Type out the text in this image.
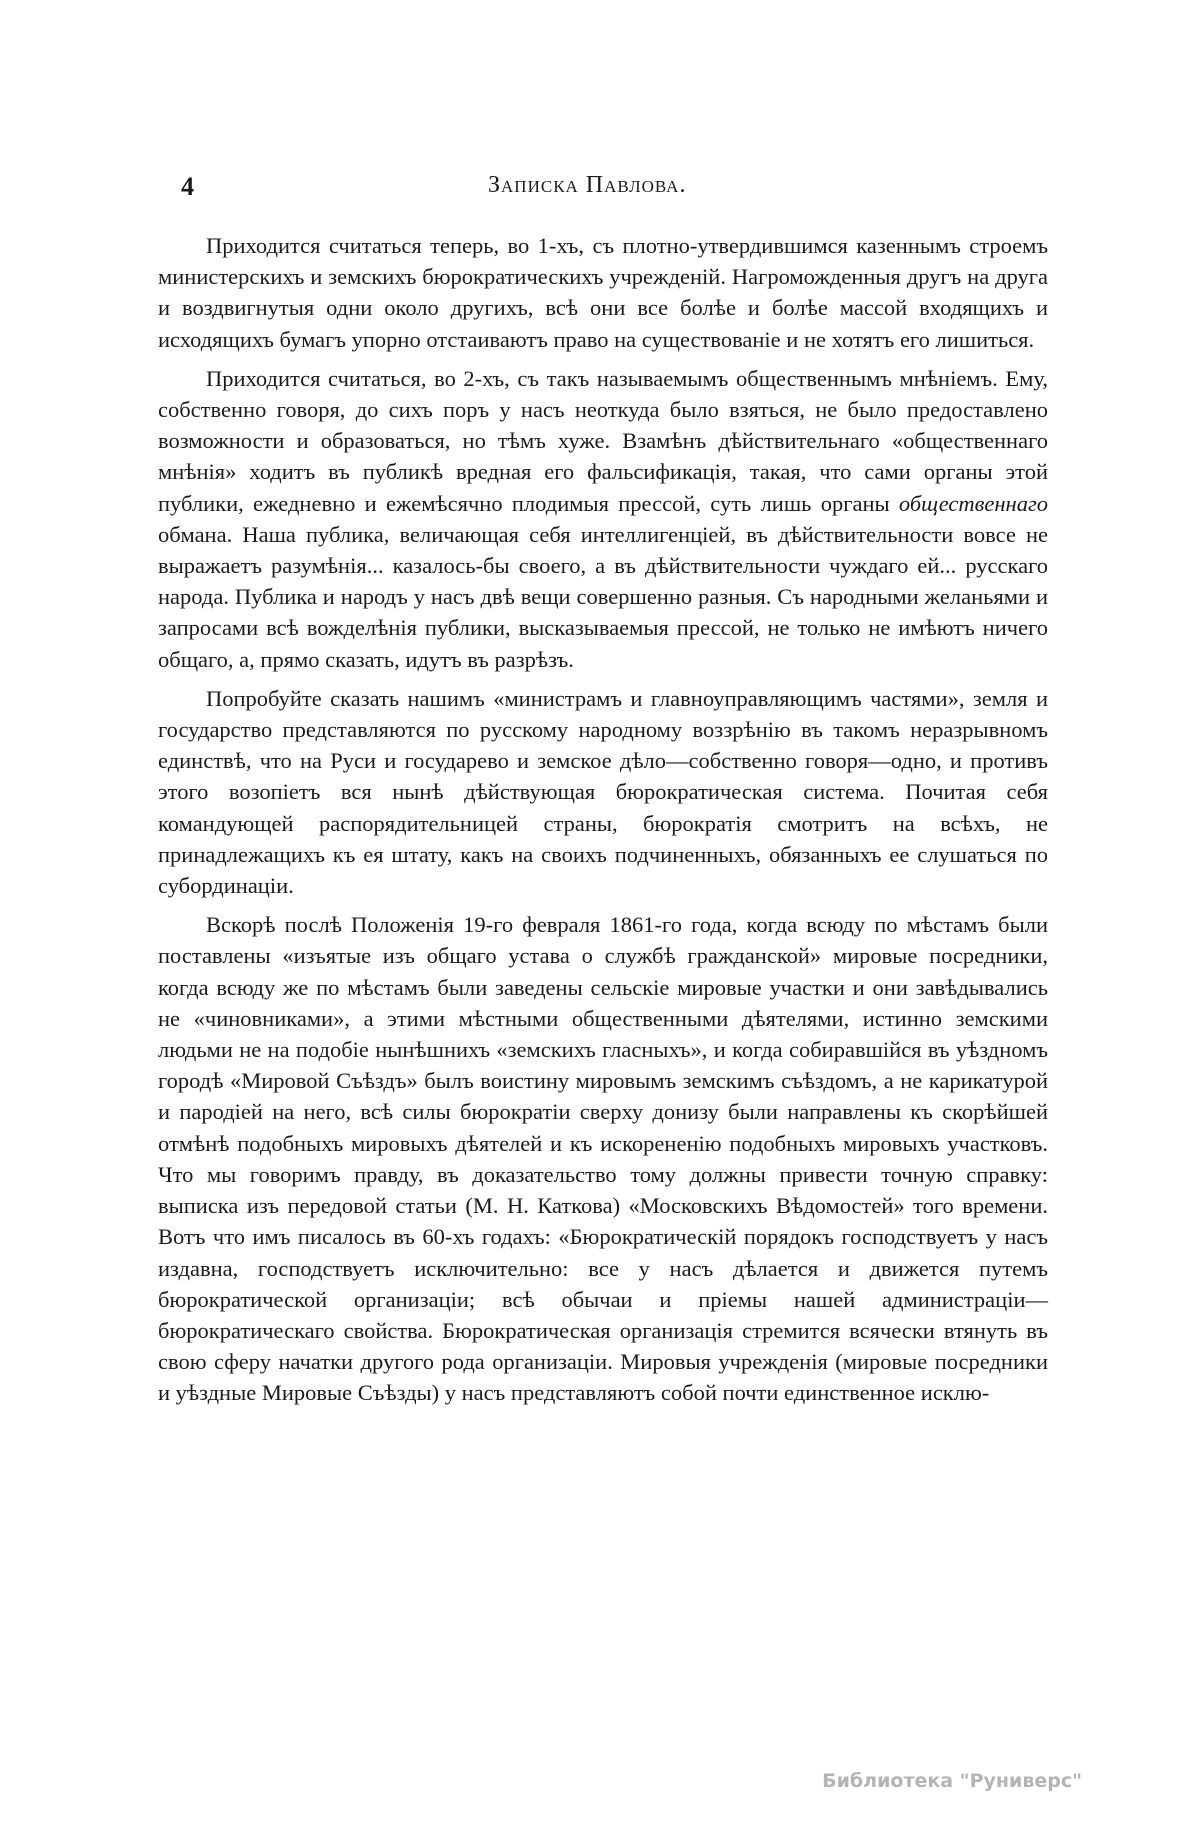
4	Записка Павлова.

Приходится считаться теперь, во 1-хъ, съ плотно-утвердившимся казеннымъ строемъ министерскихъ и земскихъ бюрократическихъ учрежденій. Нагроможденныя другъ на друга и воздвигнутыя одни около другихъ, всѣ они все болѣе и болѣе массой входящихъ и исходящихъ бумагъ упорно отстаиваютъ право на существованіе и не хотятъ его лишиться.

Приходится считаться, во 2-хъ, съ такъ называемымъ общественнымъ мнѣніемъ. Ему, собственно говоря, до сихъ поръ у насъ неоткуда было взяться, не было предоставлено возможности и образоваться, но тѣмъ хуже. Взамѣнъ дѣйствительнаго «общественнаго мнѣнія» ходитъ въ публикѣ вредная его фальсификація, такая, что сами органы этой публики, ежедневно и ежемѣсячно плодимыя прессой, суть лишь органы общественнаго обмана. Наша публика, величающая себя интеллигенціей, въ дѣйствительности вовсе не выражаетъ разумѣнія... казалось-бы своего, а въ дѣйствительности чуждаго ей... русскаго народа. Публика и народъ у насъ двѣ вещи совершенно разныя. Съ народными желаньями и запросами всѣ вожделѣнія публики, высказываемыя прессой, не только не имѣютъ ничего общаго, а, прямо сказать, идутъ въ разрѣзъ.

Попробуйте сказать нашимъ «министрамъ и главноуправляющимъ частями», земля и государство представляются по русскому народному воззрѣнію въ такомъ неразрывномъ единствѣ, что на Руси и государево и земское дѣло—собственно говоря—одно, и противъ этого возопіетъ вся нынѣ дѣйствующая бюрократическая система. Почитая себя командующей распорядительницей страны, бюрократія смотритъ на всѣхъ, не принадлежащихъ къ ея штату, какъ на своихъ подчиненныхъ, обязанныхъ ее слушаться по субординаціи.

Вскорѣ послѣ Положенія 19-го февраля 1861-го года, когда всюду по мѣстамъ были поставлены «изъятые изъ общаго устава о службѣ гражданской» мировые посредники, когда всюду же по мѣстамъ были заведены сельскіе мировые участки и они завѣдывались не «чиновниками», а этими мѣстными общественными дѣятелями, истинно земскими людьми не на подобіе нынѣшнихъ «земскихъ гласныхъ», и когда собиравшійся въ уѣздномъ городѣ «Мировой Съѣздъ» былъ воистину мировымъ земскимъ съѣздомъ, а не карикатурой и пародіей на него, всѣ силы бюрократіи сверху донизу были направлены къ скорѣйшей отмѣнѣ подобныхъ мировыхъ дѣятелей и къ искорененію подобныхъ мировыхъ участковъ. Что мы говоримъ правду, въ доказательство тому должны привести точную справку: выписка изъ передовой статьи (М. Н. Каткова) «Московскихъ Вѣдомостей» того времени. Вотъ что имъ писалось въ 60-хъ годахъ: «Бюрократическій порядокъ господствуетъ у насъ издавна, господствуетъ исключительно: все у насъ дѣлается и движется путемъ бюрократической организаціи; всѣ обычаи и пріемы нашей администраціи—бюрократическаго свойства. Бюрократическая организація стремится всячески втянуть въ свою сферу начатки другого рода организаціи. Мировыя учрежденія (мировые посредники и уѣздные Мировые Съѣзды) у насъ представляютъ собой почти единственное исклю-

Библиотека "Руниверс"
